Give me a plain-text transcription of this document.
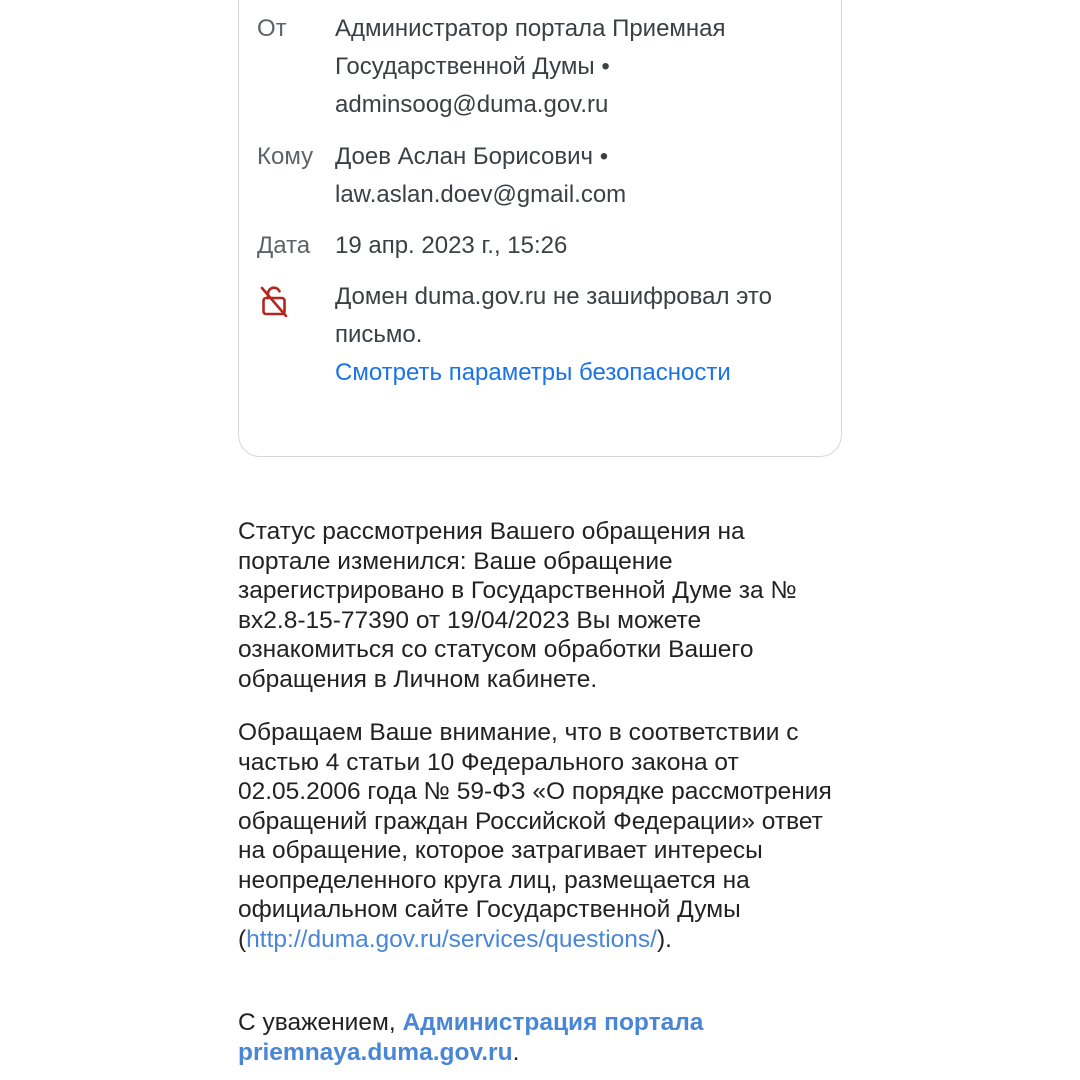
От Администратор портала Приемная Государственной Думы •
adminsoog@duma.gov.ru
Кому Доев Аслан Борисович •
law.aslan.doev@gmail.com
Дата 19 апр. 2023 г., 15:26
Домен duma.gov.ru не зашифровал это письмо.
Смотреть параметры безопасности

Статус рассмотрения Вашего обращения на портале изменился: Ваше обращение зарегистрировано в Государственной Думе за № вх2.8-15-77390 от 19/04/2023 Вы можете ознакомиться со статусом обработки Вашего обращения в Личном кабинете.

Обращаем Ваше внимание, что в соответствии с частью 4 статьи 10 Федерального закона от 02.05.2006 года № 59-ФЗ «О порядке рассмотрения обращений граждан Российской Федерации» ответ на обращение, которое затрагивает интересы неопределенного круга лиц, размещается на официальном сайте Государственной Думы
(http://duma.gov.ru/services/questions/).

С уважением, Администрация портала priemnaya.duma.gov.ru.
